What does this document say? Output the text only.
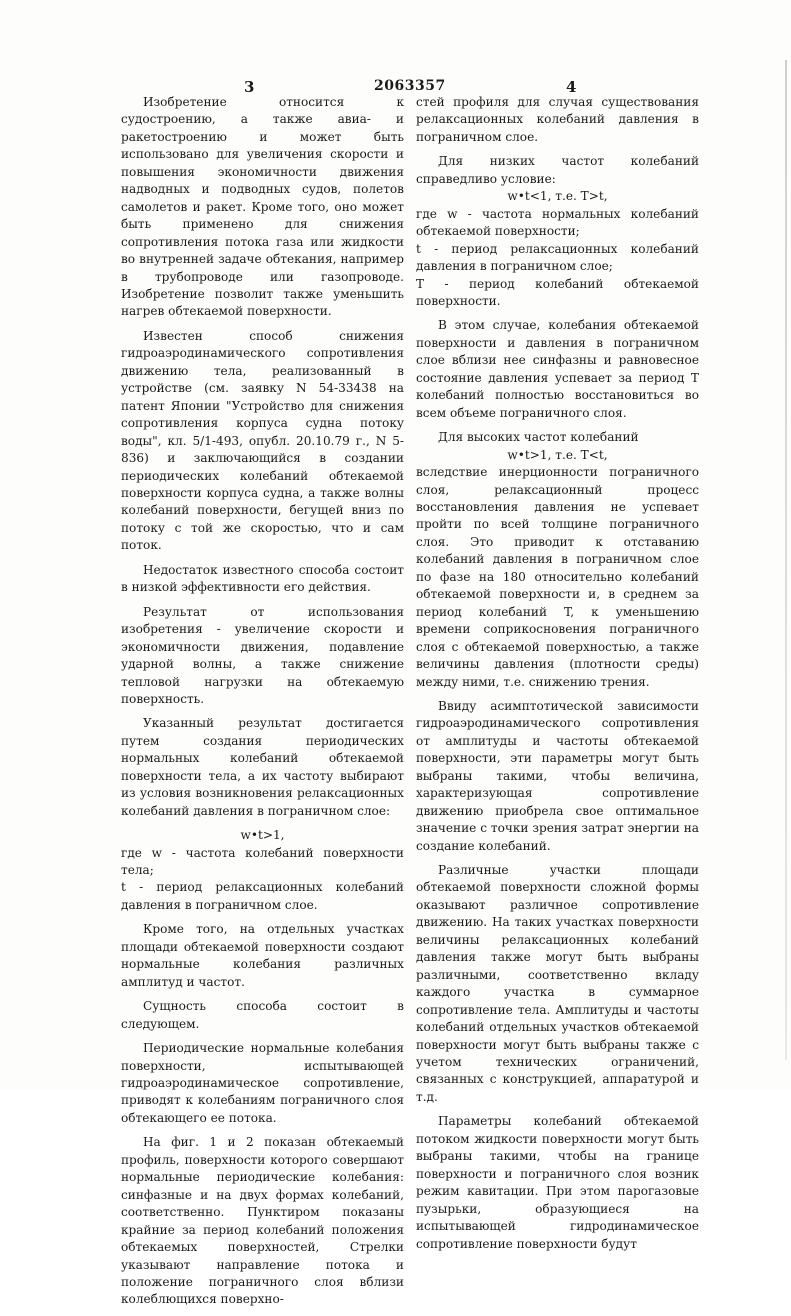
3	2063357	4

Изобретение относится к судостроению, а также авиа- и ракетостроению и может быть использовано для увеличения скорости и повышения экономичности движения надводных и подводных судов, полетов самолетов и ракет. Кроме того, оно может быть применено для снижения сопротивления потока газа или жидкости во внутренней задаче обтекания, например в трубопроводе или газопроводе. Изобретение позволит также уменьшить нагрев обтекаемой поверхности.

Известен способ снижения гидроаэродинамического сопротивления движению тела, реализованный в устройстве (см. заявку N 54-33438 на патент Японии "Устройство для снижения сопротивления корпуса судна потоку воды", кл. 5/1-493, опубл. 20.10.79 г., N 5-836) и заключающийся в создании периодических колебаний обтекаемой поверхности корпуса судна, а также волны колебаний поверхности, бегущей вниз по потоку с той же скоростью, что и сам поток.

Недостаток известного способа состоит в низкой эффективности его действия.

Результат от использования изобретения - увеличение скорости и экономичности движения, подавление ударной волны, а также снижение тепловой нагрузки на обтекаемую поверхность.

Указанный результат достигается путем создания периодических нормальных колебаний обтекаемой поверхности тела, а их частоту выбирают из условия возникновения релаксационных колебаний давления в пограничном слое:

w•t>1,

где w - частота колебаний поверхности тела;

t - период релаксационных колебаний давления в пограничном слое.

Кроме того, на отдельных участках площади обтекаемой поверхности создают нормальные колебания различных амплитуд и частот.

Сущность способа состоит в следующем.

Периодические нормальные колебания поверхности, испытывающей гидроаэродинамическое сопротивление, приводят к колебаниям пограничного слоя обтекающего ее потока.

На фиг. 1 и 2 показан обтекаемый профиль, поверхности которого совершают нормальные периодические колебания: синфазные и на двух формах колебаний, соответственно. Пунктиром показаны крайние за период колебаний положения обтекаемых поверхностей, Стрелки указывают направление потока и положение пограничного слоя вблизи колеблющихся поверхно-

стей профиля для случая существования релаксационных колебаний давления в пограничном слое.

Для низких частот колебаний справедливо условие:

w•t<1, т.е. T>t,

где w - частота нормальных колебаний обтекаемой поверхности;

t - период релаксационных колебаний давления в пограничном слое;

T - период колебаний обтекаемой поверхности.

В этом случае, колебания обтекаемой поверхности и давления в пограничном слое вблизи нее синфазны и равновесное состояние давления успевает за период T колебаний полностью восстановиться во всем объеме пограничного слоя.

Для высоких частот колебаний

w•t>1, т.е. T<t,

вследствие инерционности пограничного слоя, релаксационный процесс восстановления давления не успевает пройти по всей толщине пограничного слоя. Это приводит к отставанию колебаний давления в пограничном слое по фазе на 180 относительно колебаний обтекаемой поверхности и, в среднем за период колебаний T, к уменьшению времени соприкосновения пограничного слоя с обтекаемой поверхностью, а также величины давления (плотности среды) между ними, т.е. снижению трения.

Ввиду асимптотической зависимости гидроаэродинамического сопротивления от амплитуды и частоты обтекаемой поверхности, эти параметры могут быть выбраны такими, чтобы величина, характеризующая сопротивление движению приобрела свое оптимальное значение с точки зрения затрат энергии на создание колебаний.

Различные участки площади обтекаемой поверхности сложной формы оказывают различное сопротивление движению. На таких участках поверхности величины релаксационных колебаний давления также могут быть выбраны различными, соответственно вкладу каждого участка в суммарное сопротивление тела. Амплитуды и частоты колебаний отдельных участков обтекаемой поверхности могут быть выбраны также с учетом технических ограничений, связанных с конструкцией, аппаратурой и т.д.

Параметры колебаний обтекаемой потоком жидкости поверхности могут быть выбраны такими, чтобы на границе поверхности и пограничного слоя возник режим кавитации. При этом парогазовые пузырьки, образующиеся на испытывающей гидродинамическое сопротивление поверхности будут
